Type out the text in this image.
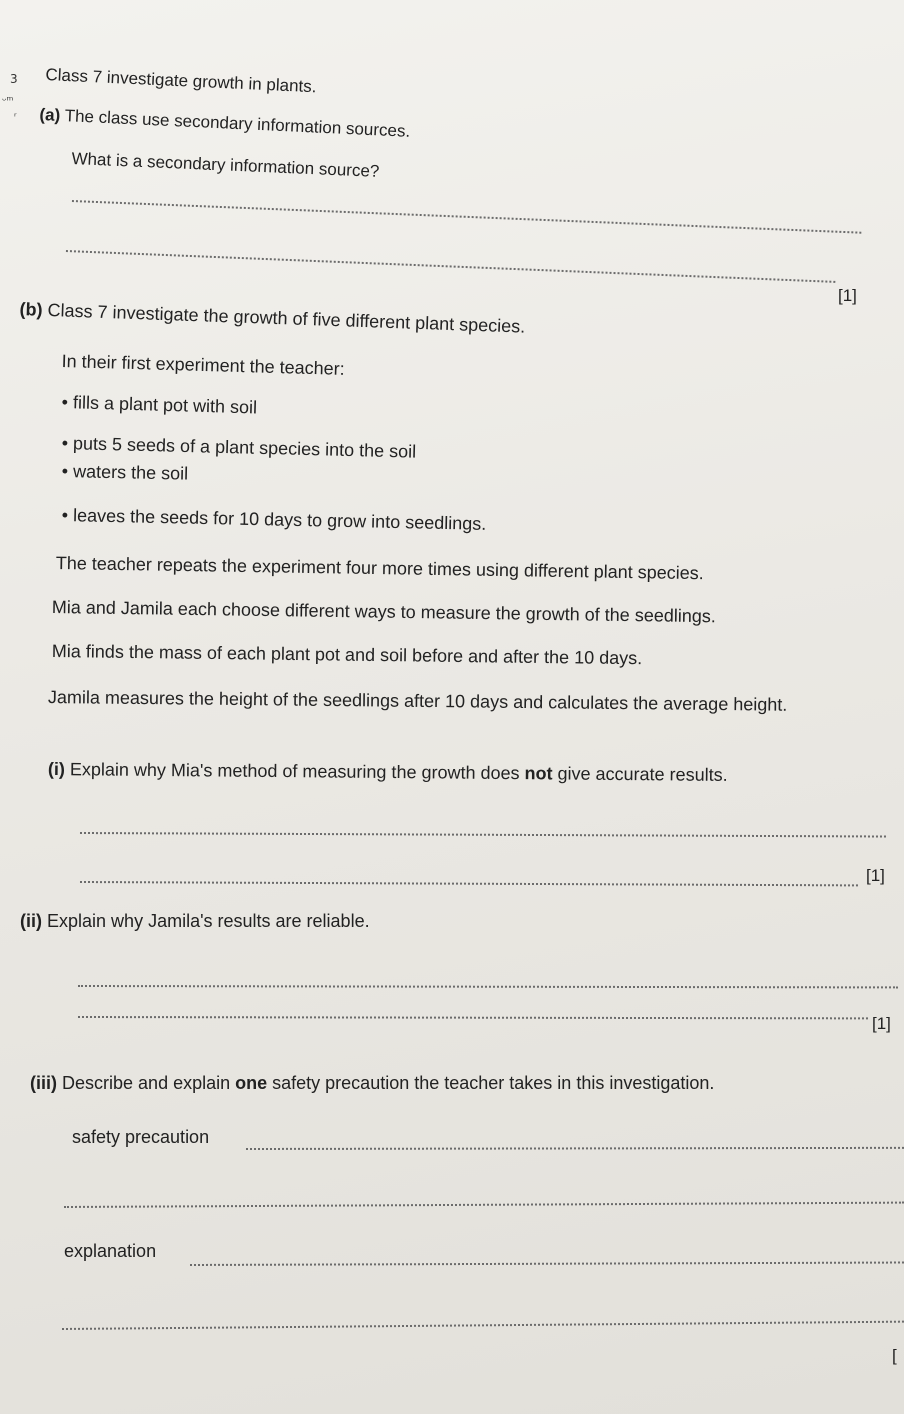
3
ᵕᵐ
ʳ
Class 7 investigate growth in plants.
(a) The class use secondary information sources.
What is a secondary information source?
[1]
(b) Class 7 investigate the growth of five different plant species.
In their first experiment the teacher:
• fills a plant pot with soil
• puts 5 seeds of a plant species into the soil
• waters the soil
• leaves the seeds for 10 days to grow into seedlings.
The teacher repeats the experiment four more times using different plant species.
Mia and Jamila each choose different ways to measure the growth of the seedlings.
Mia finds the mass of each plant pot and soil before and after the 10 days.
Jamila measures the height of the seedlings after 10 days and calculates the average height.
(i) Explain why Mia's method of measuring the growth does not give accurate results.
[1]
(ii) Explain why Jamila's results are reliable.
[1]
(iii) Describe and explain one safety precaution the teacher takes in this investigation.
safety precaution
explanation
[
